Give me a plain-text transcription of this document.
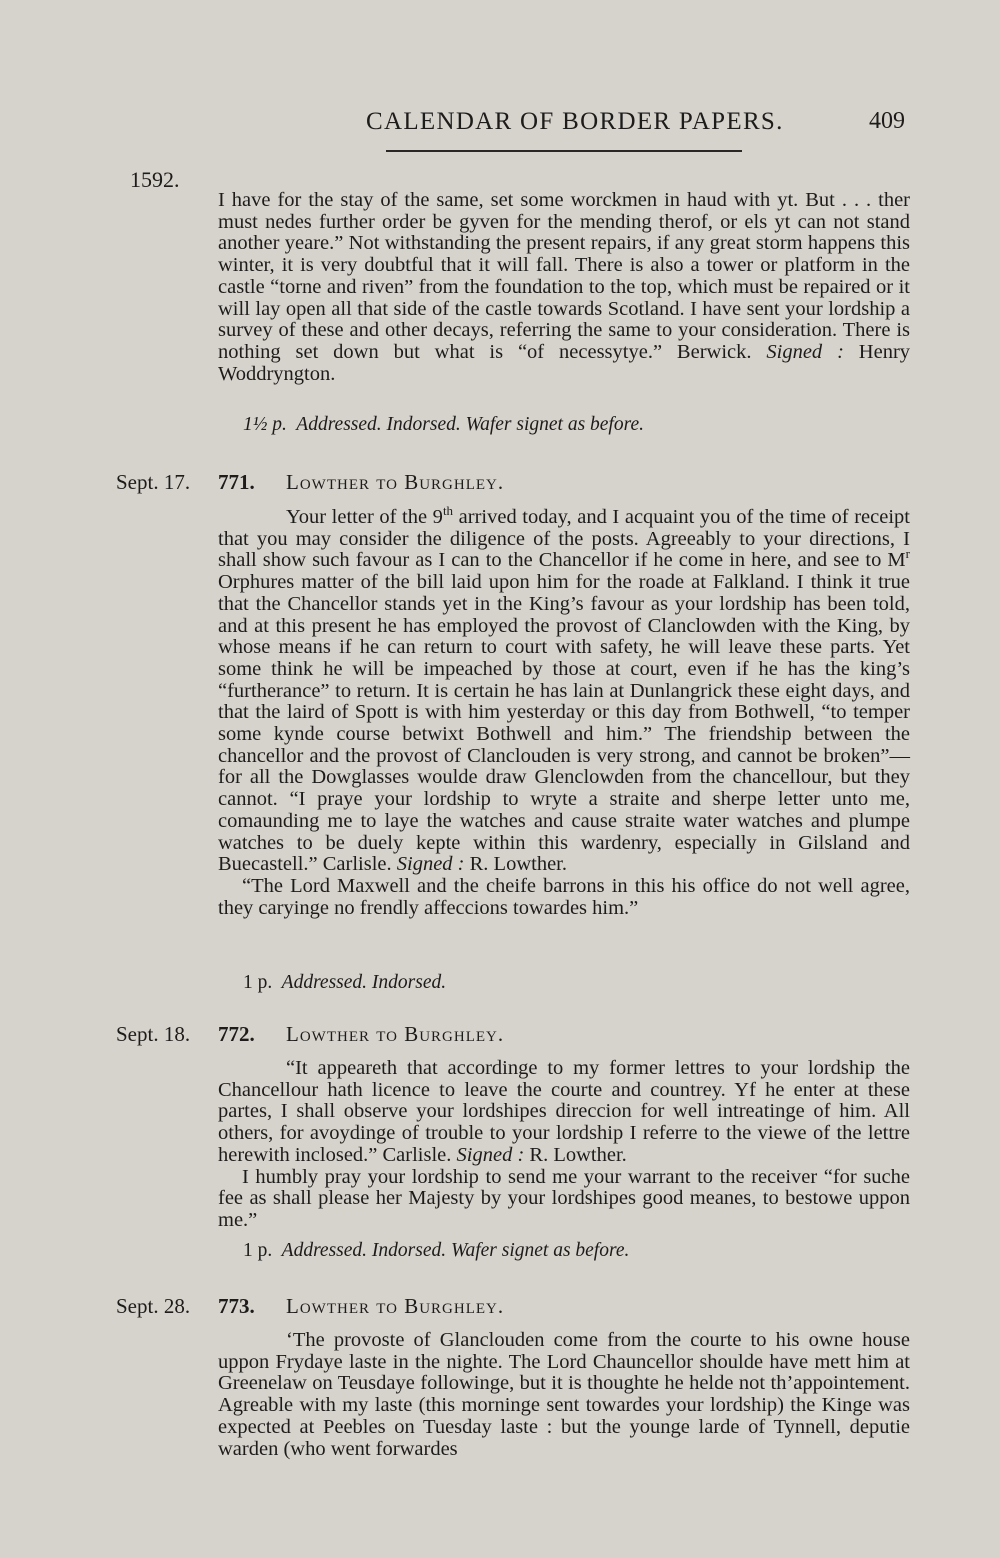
CALENDAR OF BORDER PAPERS.	409
1592.

I have for the stay of the same, set some worckmen in haud with yt. But . . . ther must nedes further order be gyven for the mending therof, or els yt can not stand another yeare.” Not withstanding the present repairs, if any great storm happens this winter, it is very doubtful that it will fall. There is also a tower or platform in the castle “torne and riven” from the foundation to the top, which must be repaired or it will lay open all that side of the castle towards Scotland. I have sent your lordship a survey of these and other decays, referring the same to your consideration. There is nothing set down but what is “of necessytye.” Berwick. Signed : Henry Woddryngton.

1½ p. Addressed. Indorsed. Wafer signet as before.
Sept. 17. 771. Lowther to Burghley.

Your letter of the 9th arrived today, and I acquaint you of the time of receipt that you may consider the diligence of the posts. Agreeably to your directions, I shall show such favour as I can to the Chancellor if he come in here, and see to $M^r$ Orphures matter of the bill laid upon him for the roade at Falkland. I think it true that the Chancellor stands yet in the King’s favour as your lordship has been told, and at this present he has employed the provost of Clanclowden with the King, by whose means if he can return to court with safety, he will leave these parts. Yet some think he will be impeached by those at court, even if he has the king’s “furtherance” to return. It is certain he has lain at Dunlangrick these eight days, and that the laird of Spott is with him yesterday or this day from Bothwell, “to temper some kynde course betwixt Bothwell and him.” The friendship between the chancellor and the provost of Clanclouden is very strong, and cannot be broken”—for all the Dowglasses woulde draw Glenclowden from the chancellour, but they cannot. “I praye your lordship to wryte a straite and sherpe letter unto me, comaunding me to laye the watches and cause straite water watches and plumpe watches to be duely kepte within this wardenry, especially in Gilsland and Buecastell.” Carlisle. Signed : R. Lowther.

“The Lord Maxwell and the cheife barrons in this his office do not well agree, they caryinge no frendly affeccions towardes him.”

1 p. Addressed. Indorsed.
Sept. 18. 772. Lowther to Burghley.

“It appeareth that accordinge to my former lettres to your lordship the Chancellour hath licence to leave the courte and countrey. Yf he enter at these partes, I shall observe your lordshipes direccion for well intreatinge of him. All others, for avoydinge of trouble to your lordship I referre to the viewe of the lettre herewith inclosed.” Carlisle. Signed : R. Lowther.

I humbly pray your lordship to send me your warrant to the receiver “for suche fee as shall please her Majesty by your lordshipes good meanes, to bestowe uppon me.”

1 p. Addressed. Indorsed. Wafer signet as before.
Sept. 28. 773. Lowther to Burghley.

‘The provoste of Glanclouden come from the courte to his owne house uppon Frydaye laste in the nighte. The Lord Chauncellor shoulde have mett him at Greenelaw on Teusdaye followinge, but it is thoughte he helde not th’appointement. Agreable with my laste (this morninge sent towardes your lordship) the Kinge was expected at Peebles on Tuesday laste : but the younge larde of Tynnell, deputie warden (who went forwardes
